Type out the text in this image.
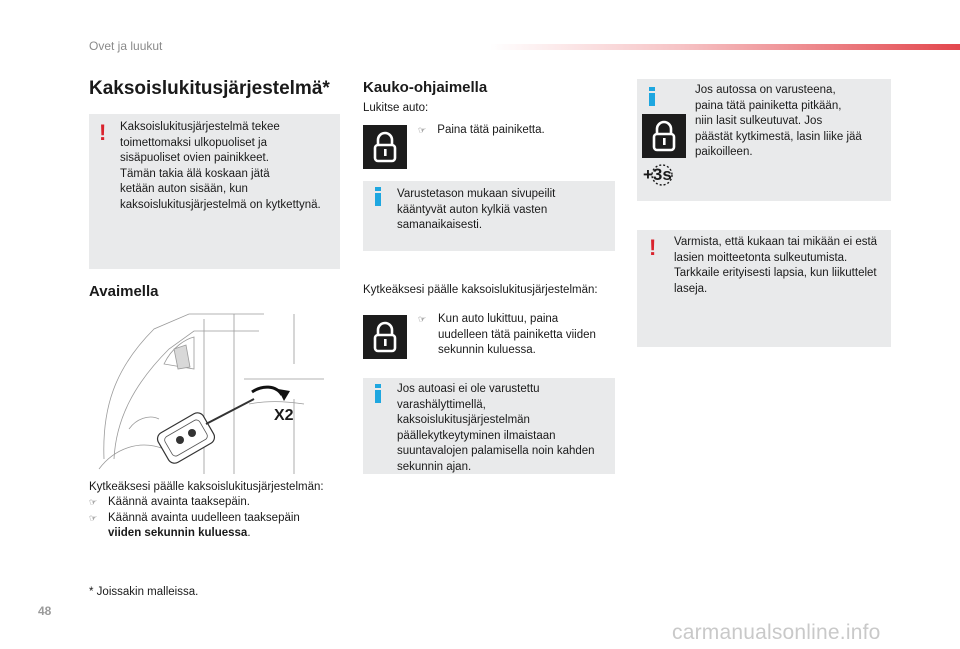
Ovet ja luukut
Kaksoislukitusjärjestelmä*
! Kaksoislukitusjärjestelmä tekee
toimettomaksi ulkopuoliset ja
sisäpuoliset ovien painikkeet.
Tämän takia älä koskaan jätä
ketään auton sisään, kun
kaksoislukitusjärjestelmä on kytkettynä.
Avaimella
X2
Kytkeäksesi päälle kaksoislukitusjärjestelmän:
☞ Käännä avainta taaksepäin.
☞ Käännä avainta uudelleen taaksepäin
viiden sekunnin kuluessa.
* Joissakin malleissa.
Kauko-ohjaimella
Lukitse auto:
☞ Paina tätä painiketta.
Varustetason mukaan sivupeilit
kääntyvät auton kylkiä vasten
samanaikaisesti.
Kytkeäksesi päälle kaksoislukitusjärjestelmän:
☞ Kun auto lukittuu, paina
uudelleen tätä painiketta viiden
sekunnin kuluessa.
Jos autoasi ei ole varustettu
varashälyttimellä,
kaksoislukitusjärjestelmän
päällekytkeytyminen ilmaistaan
suuntavalojen palamisella noin kahden
sekunnin ajan.
+3s
Jos autossa on varusteena,
paina tätä painiketta pitkään,
niin lasit sulkeutuvat. Jos
päästät kytkimestä, lasin liike jää
paikoilleen.
! Varmista, että kukaan tai mikään ei estä
lasien moitteetonta sulkeutumista.
Tarkkaile erityisesti lapsia, kun liikuttelet
laseja.
48
carmanualsonline.info
